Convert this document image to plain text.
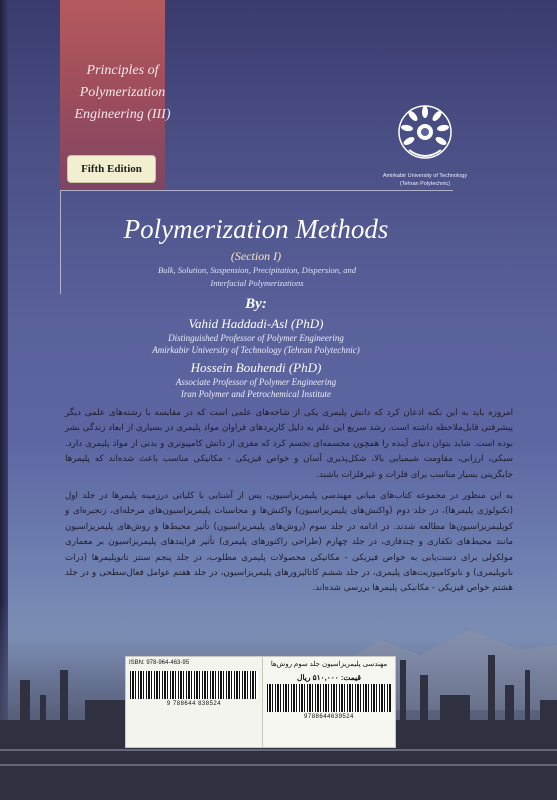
Principles of
Polymerization
Engineering (III)
Fifth Edition
Amirkabir University of Technology
(Tehran Polytechnic)
Polymerization Methods
(Section I)
Bulk, Solution, Suspension, Precipitation, Dispersion, and
Interfacial Polymerizations
By:
Vahid Haddadi-Asl (PhD)
Distinguished Professor of Polymer Engineering
Amirkabir University of Technology (Tehran Polytechnic)
Hossein Bouhendi (PhD)
Associate Professor of Polymer Engineering
Iran Polymer and Petrochemical Institute

امروزه باید به این نکته اذعان کرد که دانش پلیمری یکی از شاخه‌های علمی است که در مقایسه با رشته‌های علمی دیگر پیشرفتی قابل‌ملاحظه داشته است. رشد سریع این علم به دلیل کاربردهای فراوان مواد پلیمری در بسیاری از ابعاد زندگی بشر بوده است. شاید بتوان دنیای آینده را همچون مجسمه‌ای تجسم کرد که مغزی از دانش کامپیوتری و بدنی از مواد پلیمری دارد. سبکی، ارزانی، مقاومت شیمیایی بالا، شکل‌پذیری آسان و خواص فیزیکی - مکانیکی مناسب باعث شده‌اند که پلیمرها جایگزینی بسیار مناسب برای فلزات و غیرفلزات باشند.

به این منظور در مجموعه کتاب‌های مبانی مهندسی پلیمریزاسیون، پس از آشنایی با کلیاتی درزمینه پلیمرها در جلد اول (تکنولوژی پلیمرها)، در جلد دوم (واکنش‌های پلیمریزاسیون) واکنش‌ها و محاسبات پلیمریزاسیون‌های مرحله‌ای، زنجیره‌ای و کوپلیمریزاسیون‌ها مطالعه شدند. در ادامه در جلد سوم (روش‌های پلیمریزاسیون) تأثیر محیط‌ها و روش‌های پلیمریزاسیون مانند محیط‌های تکفازی و چندفازی، در جلد چهارم (طراحی راکتورهای پلیمری) تأثیر فرایندهای پلیمریزاسیون بر معماری مولکولی برای دست‌یابی به خواص فیزیکی - مکانیکی محصولات پلیمری مطلوب، در جلد پنجم سنتز نانوپلیمرها (درات نانوپلیمری) و نانوکامپوزیت‌های پلیمری، در جلد ششم کاتالیزورهای پلیمریزاسیون، در جلد هفتم عوامل فعال‌سطحی و در جلد هشتم خواص فیزیکی - مکانیکی پلیمرها بررسی شده‌اند.

ISBN: 978-964-463-95
9 788644 838524
مهندسی پلیمریزاسیون جلد سوم روش‌ها
قیمت: ۵۱۰,۰۰۰ ریال
9788644639524
